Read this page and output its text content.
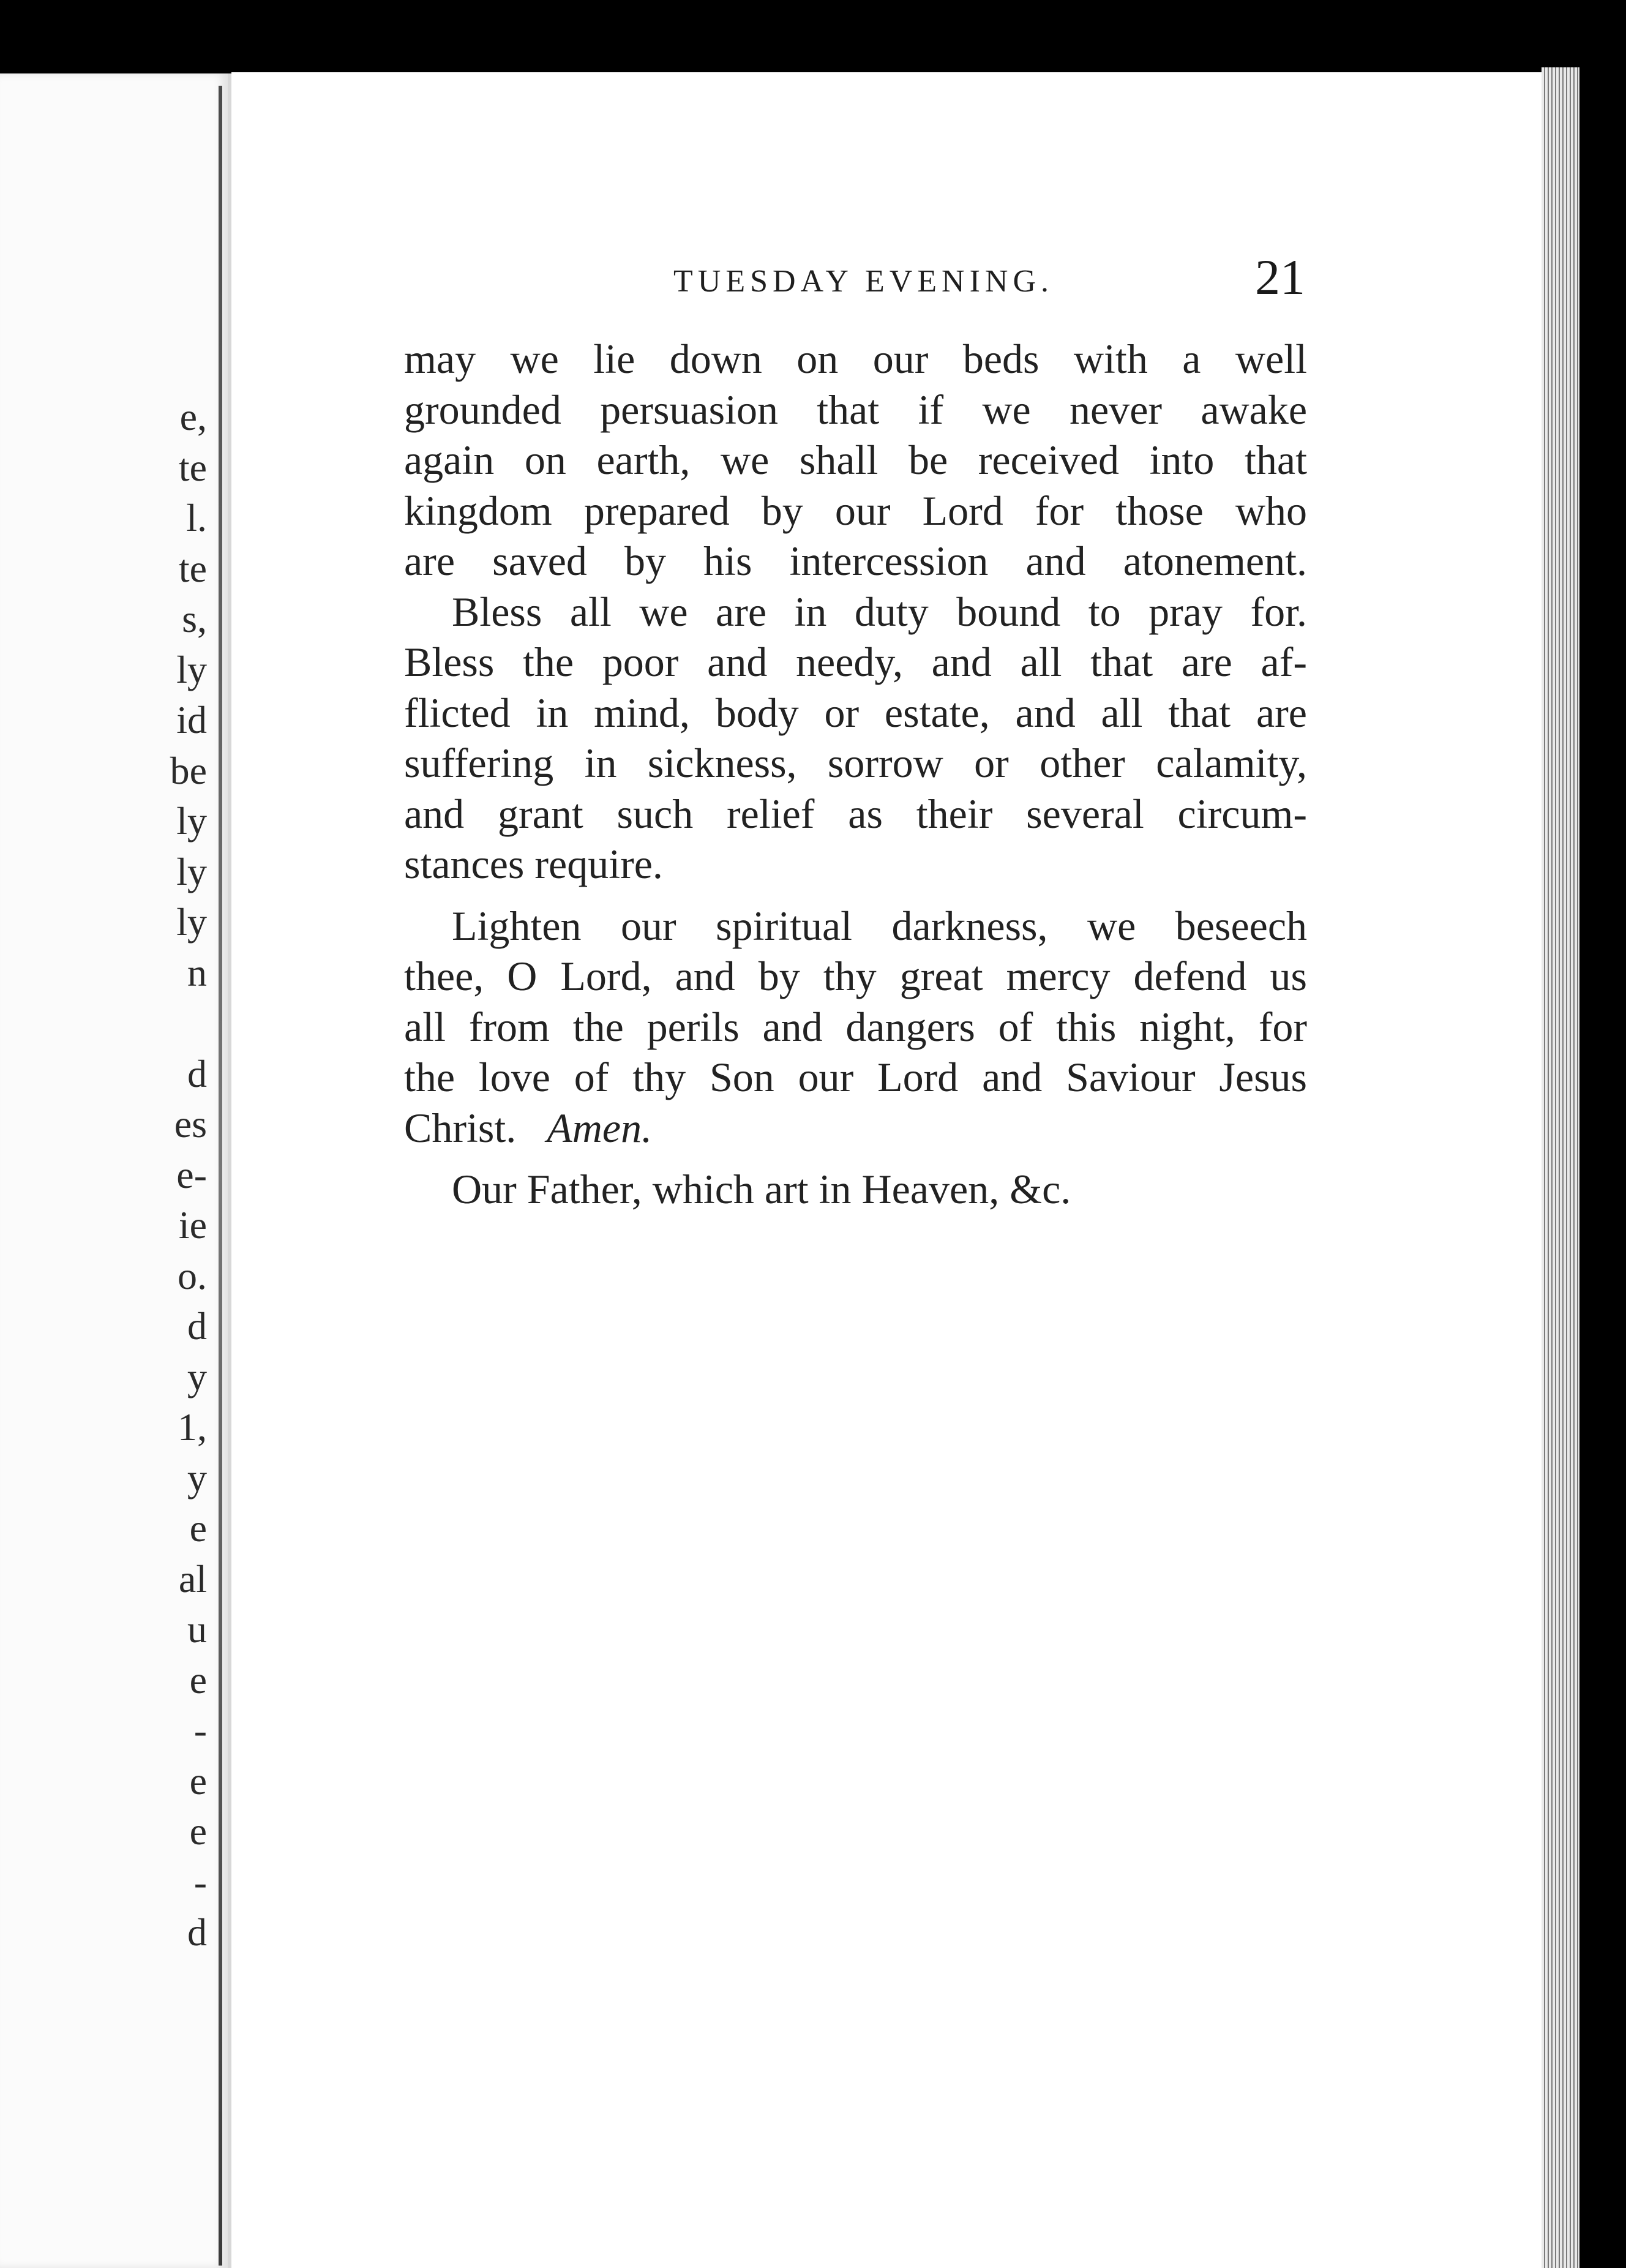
e,
te
l.
te
s,
ly
id
be
ly
ly
ly
n
d
es
e-
ie
o.
d
y
1,
y
e
al
u
e
-
e
e
-
d
TUESDAY EVENING.	21
may we lie down on our beds with a well
grounded persuasion that if we never awake
again on earth, we shall be received into that
kingdom prepared by our Lord for those who
are saved by his intercession and atonement.
Bless all we are in duty bound to pray for.
Bless the poor and needy, and all that are af-
flicted in mind, body or estate, and all that are
suffering in sickness, sorrow or other calamity,
and grant such relief as their several circum-
stances require.
Lighten our spiritual darkness, we beseech
thee, O Lord, and by thy great mercy defend us
all from the perils and dangers of this night, for
the love of thy Son our Lord and Saviour Jesus
Christ. Amen.
Our Father, which art in Heaven, &c.
